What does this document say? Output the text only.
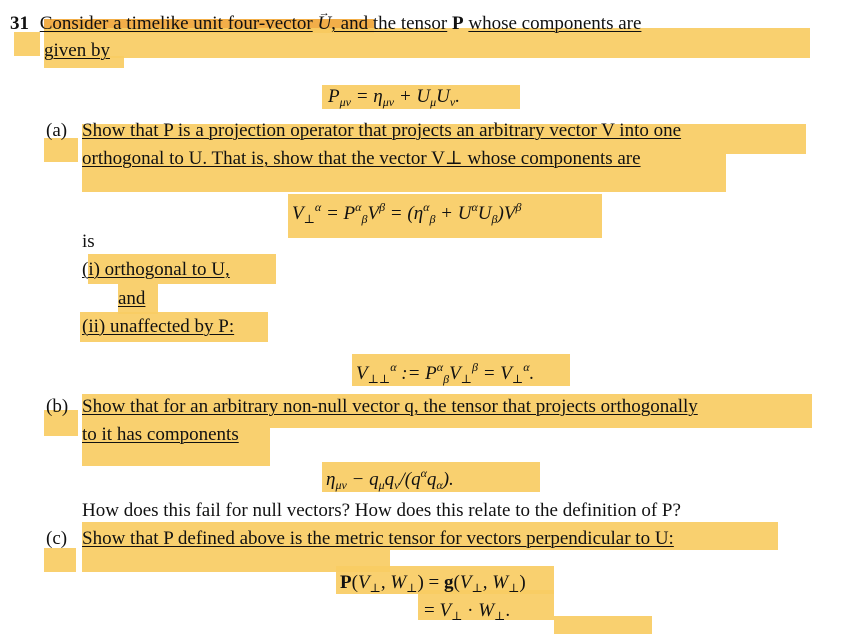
31 Consider a timelike unit four-vector → U, and the tensor P whose components are
given by
$P_{\mu\nu} = \eta_{\mu\nu} + U_\mu U_\nu$.
(a) Show that P is a projection operator that projects an arbitrary vector V into one
orthogonal to U. That is, show that the vector V⊥ whose components are
$V_\perp^\alpha = P^\alpha_\beta V^\beta = (\eta^\alpha_\beta + U^\alpha U_\beta)V^\beta$
is
(i) orthogonal to U,
and
(ii) unaffected by P:
$V_{\perp\perp}^\alpha$ := $P^\alpha_\beta V_\perp^\beta = V_\perp^\alpha$.
(b) Show that for an arbitrary non-null vector q, the tensor that projects orthogonally
to it has components
$\eta_{\mu\nu} - q_\mu q_\nu/(q^\alpha q_\alpha)$.
How does this fail for null vectors? How does this relate to the definition of P?
(c) Show that P defined above is the metric tensor for vectors perpendicular to U:
$P(V_\perp$, $W_\perp) = g(V_\perp$, $W_\perp$)
= $V_\perp \cdot W_\perp$.
